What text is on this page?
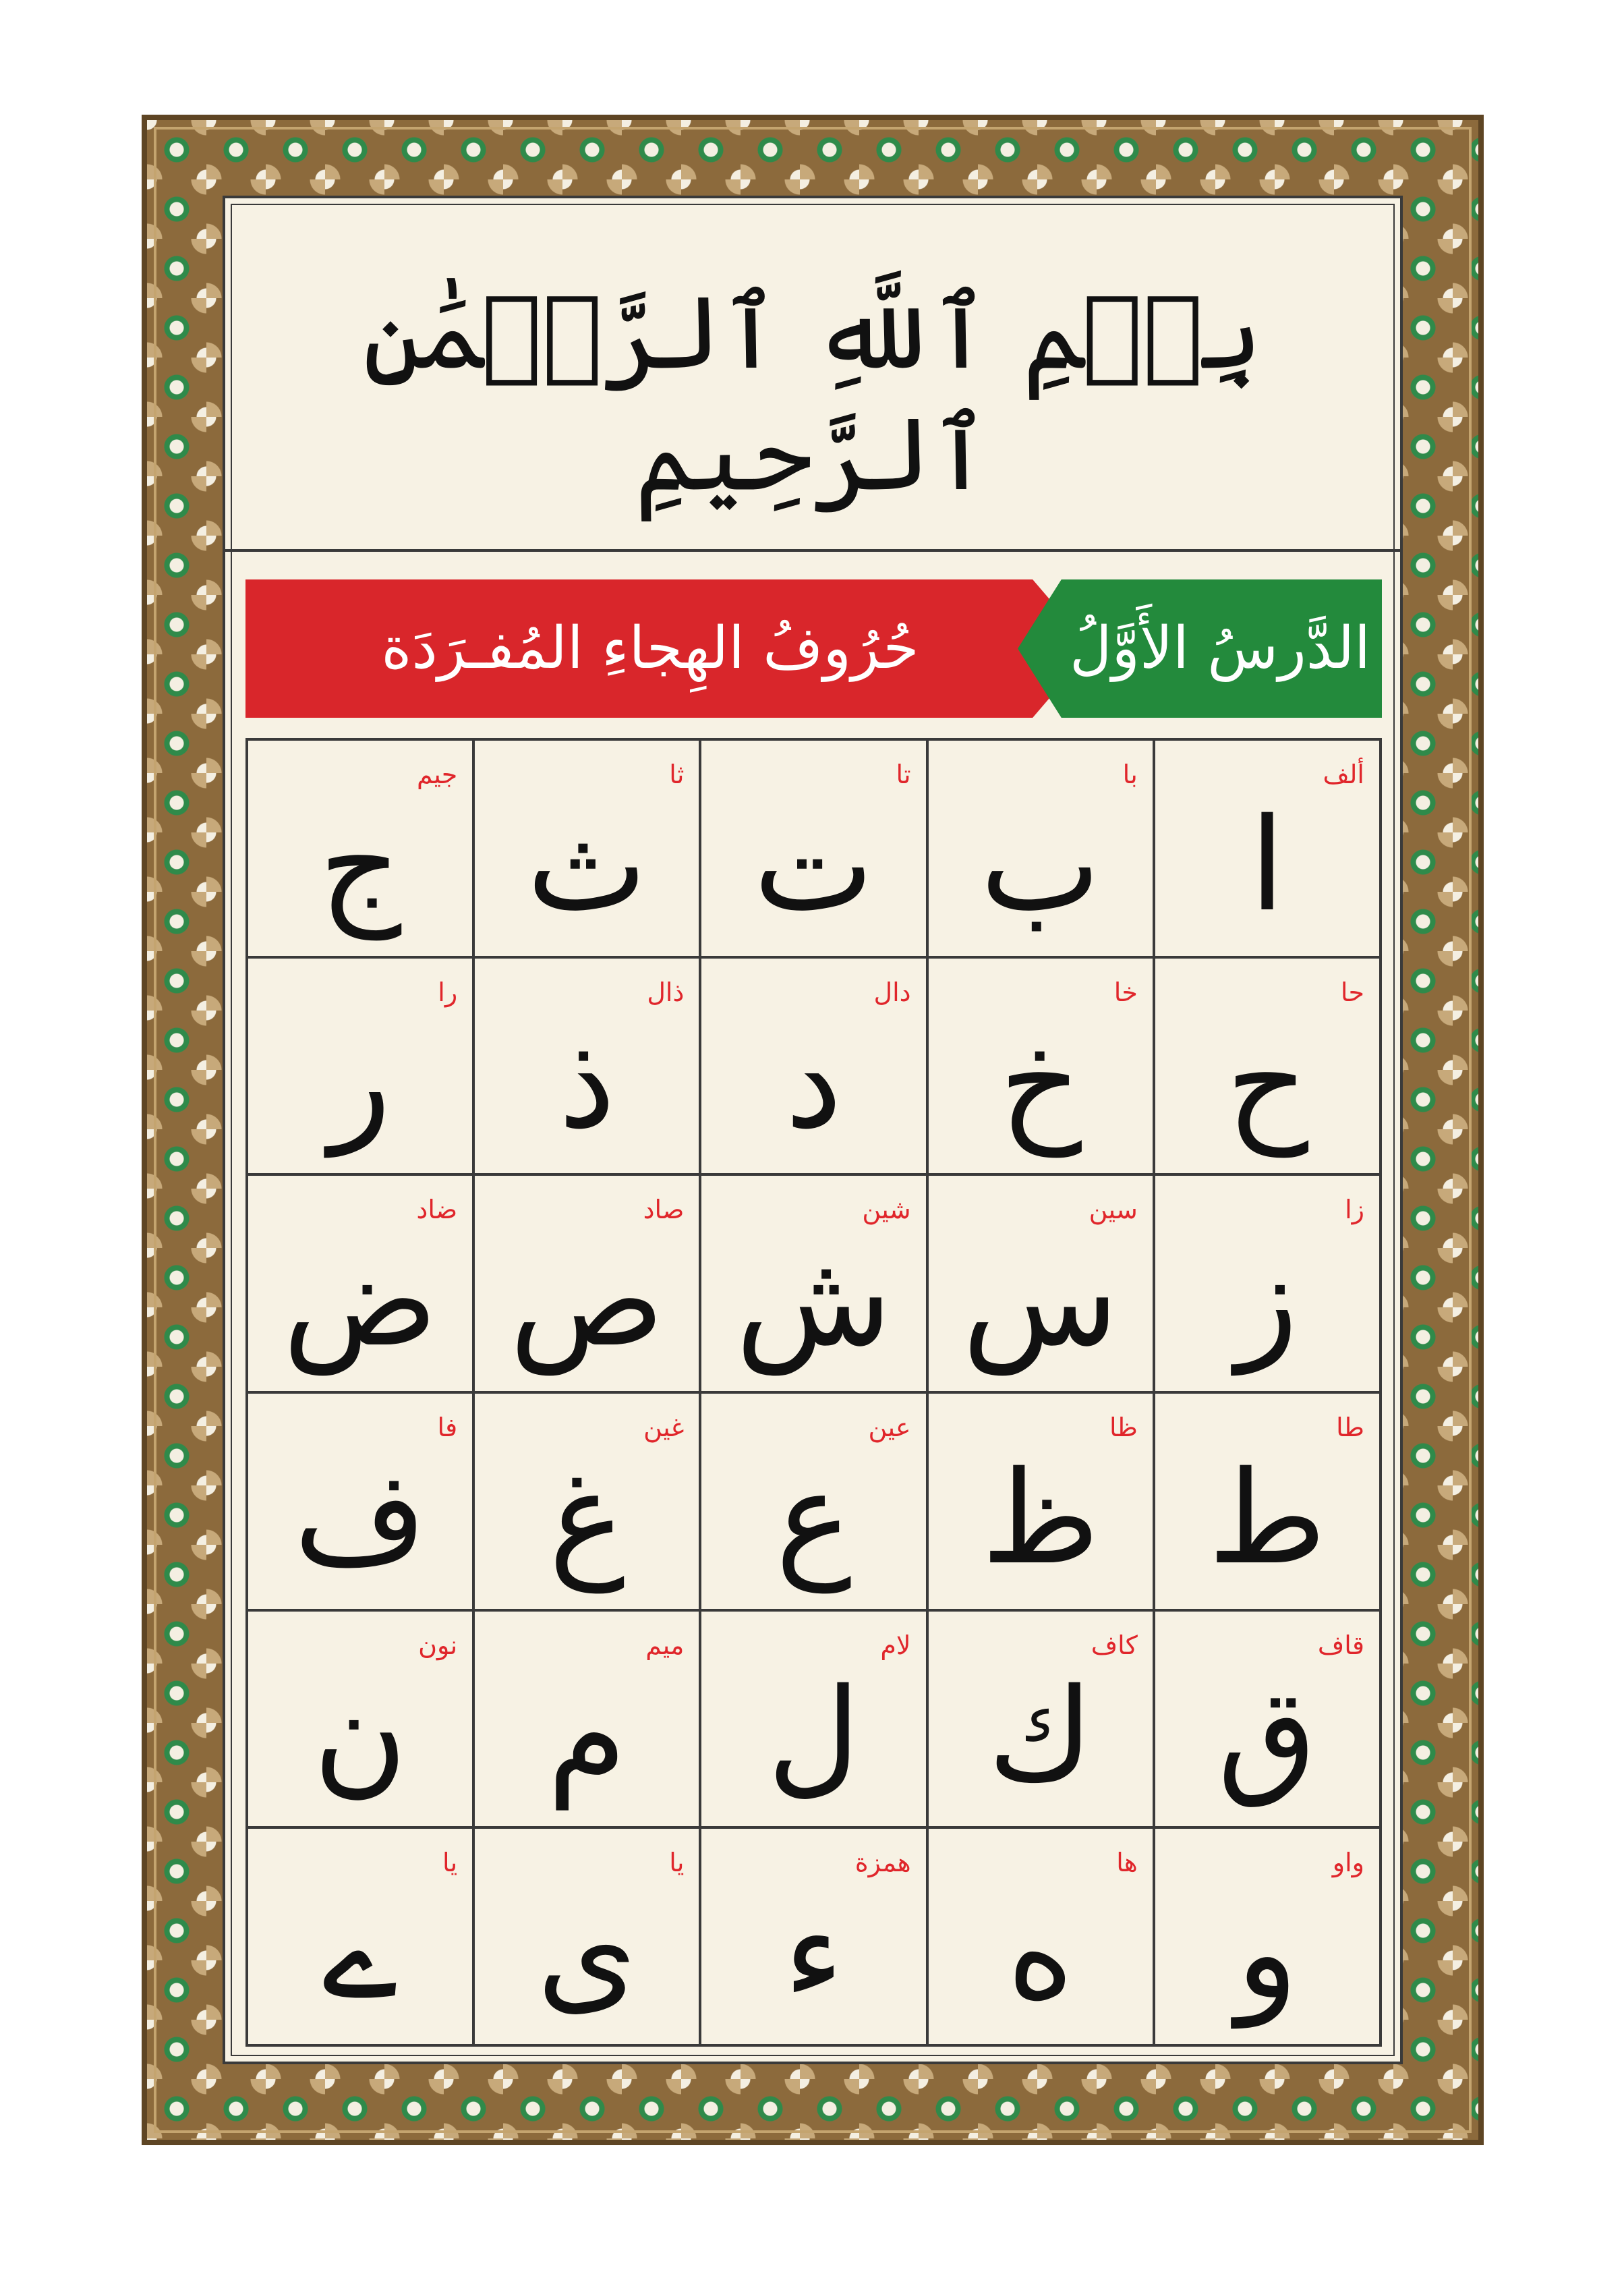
بِسۡمِ ٱللَّهِ ٱلرَّحۡمَٰنِ ٱلرَّحِيمِ
حُرُوفُ الهِجاءِ المُفـرَدَة	الدَّرسُ الأَوَّلُ
ألف
ا
با
ب
تا
ت
ثا
ث
جيم
ج
حا
ح
خا
خ
دال
د
ذال
ذ
را
ر
زا
ز
سين
س
شين
ش
صاد
ص
ضاد
ض
طا
ط
ظا
ظ
عين
ع
غين
غ
فا
ف
قاف
ق
كاف
ك
لام
ل
ميم
م
نون
ن
واو
و
ها
ه
همزة
ء
يا
ى
يا
ے
